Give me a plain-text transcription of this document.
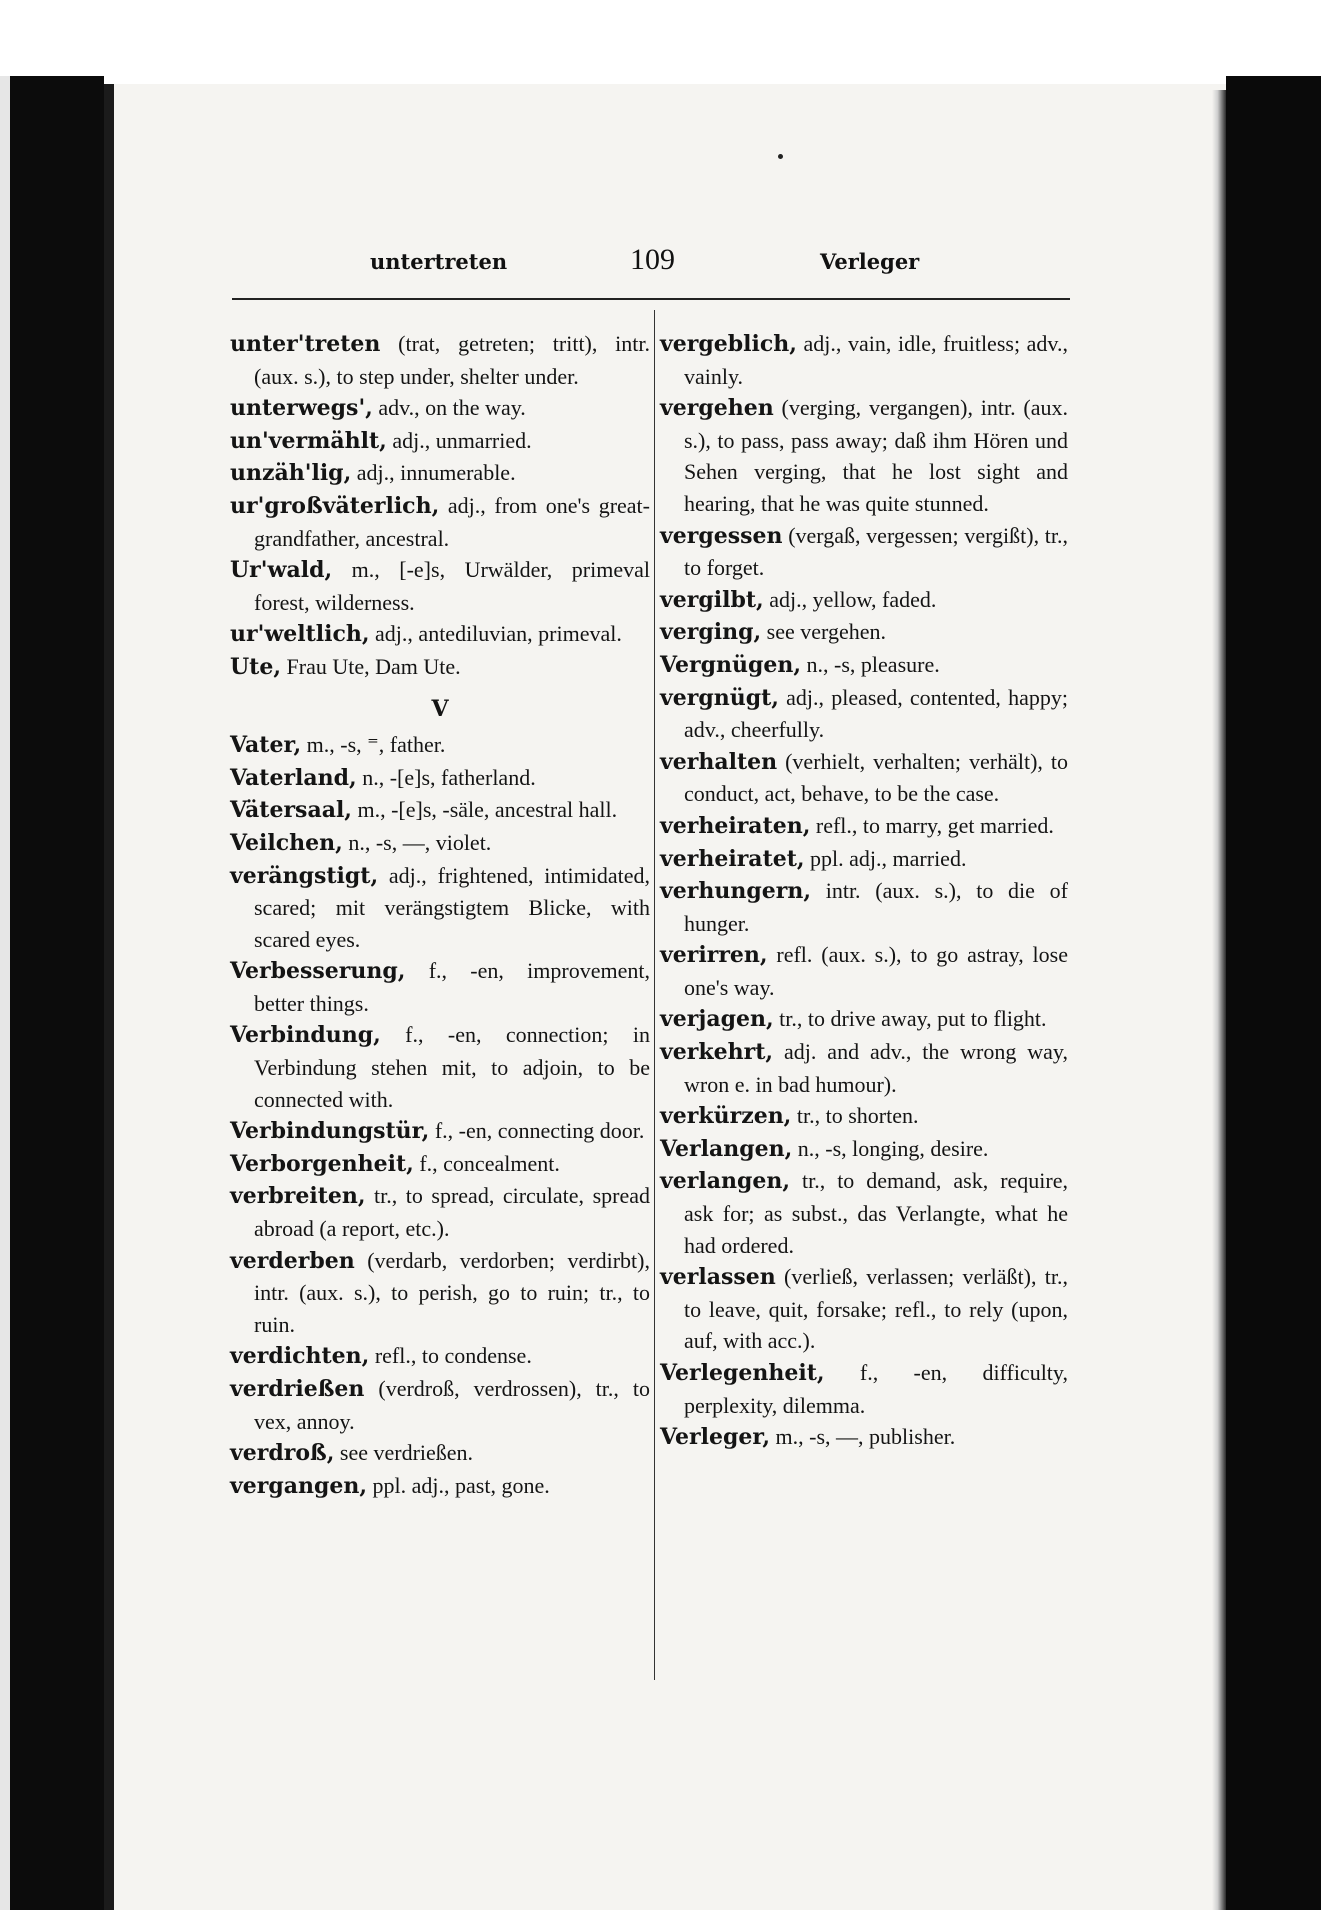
untertreten	109	Verleger

unter'treten (trat, getreten; tritt), intr. (aux. s.), to step under, shelter under.

unterwegs', adv., on the way.

un'vermählt, adj., unmarried.

unzäh'lig, adj., innumerable.

ur'großväterlich, adj., from one's great-grandfather, ancestral.

Ur'wald, m., [-e]s, Urwälder, primeval forest, wilderness.

ur'weltlich, adj., antediluvian, primeval.

Ute, Frau Ute, Dam Ute.

V

Vater, m., -s, ⁼, father.

Vaterland, n., -[e]s, fatherland.

Vätersaal, m., -[e]s, -säle, ancestral hall.

Veilchen, n., -s, —, violet.

verängstigt, adj., frightened, intimidated, scared; mit verängstigtem Blicke, with scared eyes.

Verbesserung, f., -en, improvement, better things.

Verbindung, f., -en, connection; in Verbindung stehen mit, to adjoin, to be connected with.

Verbindungstür, f., -en, connecting door.

Verborgenheit, f., concealment.

verbreiten, tr., to spread, circulate, spread abroad (a report, etc.).

verderben (verdarb, verdorben; verdirbt), intr. (aux. s.), to perish, go to ruin; tr., to ruin.

verdichten, refl., to condense.

verdrießen (verdroß, verdrossen), tr., to vex, annoy.

verdroß, see verdrießen.

vergangen, ppl. adj., past, gone.

vergeblich, adj., vain, idle, fruitless; adv., vainly.

vergehen (verging, vergangen), intr. (aux. s.), to pass, pass away; daß ihm Hören und Sehen verging, that he lost sight and hearing, that he was quite stunned.

vergessen (vergaß, vergessen; vergißt), tr., to forget.

vergilbt, adj., yellow, faded.

verging, see vergehen.

Vergnügen, n., -s, pleasure.

vergnügt, adj., pleased, contented, happy; adv., cheerfully.

verhalten (verhielt, verhalten; verhält), to conduct, act, behave, to be the case.

verheiraten, refl., to marry, get married.

verheiratet, ppl. adj., married.

verhungern, intr. (aux. s.), to die of hunger.

verirren, refl. (aux. s.), to go astray, lose one's way.

verjagen, tr., to drive away, put to flight.

verkehrt, adj. and adv., the wrong way, wron e. in bad humour).

verkürzen, tr., to shorten.

Verlangen, n., -s, longing, desire.

verlangen, tr., to demand, ask, require, ask for; as subst., das Verlangte, what he had ordered.

verlassen (verließ, verlassen; verläßt), tr., to leave, quit, forsake; refl., to rely (upon, auf, with acc.).

Verlegenheit, f., -en, difficulty, perplexity, dilemma.

Verleger, m., -s, —, publisher.
